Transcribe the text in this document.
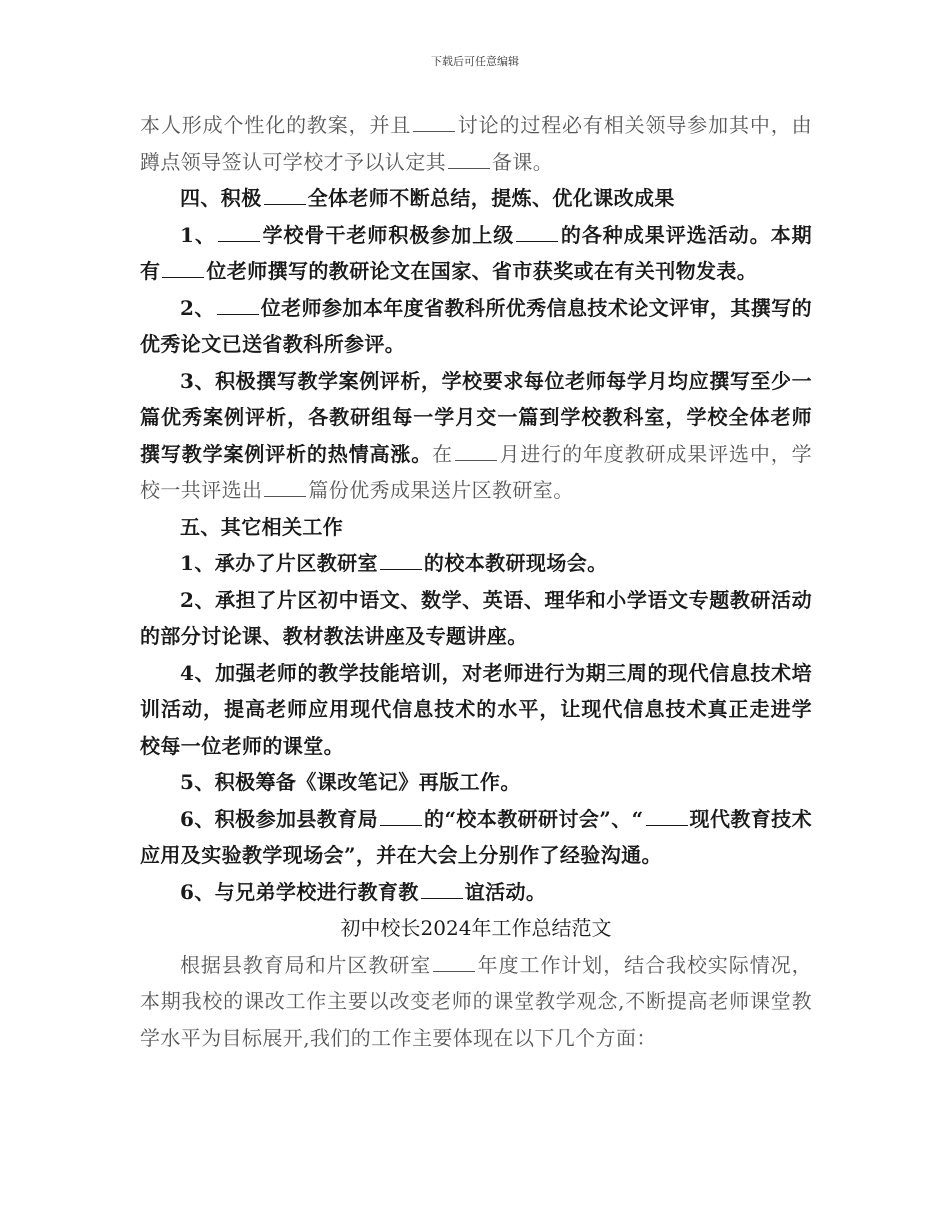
下载后可任意编辑

本人形成个性化的教案，并且 讨论的过程必有相关领导参加其中，由蹲点领导签认可学校才予以认定其 备课。

四、积极 全体老师不断总结，提炼、优化课改成果

1、 学校骨干老师积极参加上级 的各种成果评选活动。本期有 位老师撰写的教研论文在国家、省市获奖或在有关刊物发表。

2、 位老师参加本年度省教科所优秀信息技术论文评审，其撰写的优秀论文已送省教科所参评。

3、积极撰写教学案例评析，学校要求每位老师每学月均应撰写至少一篇优秀案例评析，各教研组每一学月交一篇到学校教科室，学校全体老师撰写教学案例评析的热情高涨。在 月进行的年度教研成果评选中，学校一共评选出 篇份优秀成果送片区教研室。

五、其它相关工作

1、承办了片区教研室 的校本教研现场会。

2、承担了片区初中语文、数学、英语、理华和小学语文专题教研活动的部分讨论课、教材教法讲座及专题讲座。

4、加强老师的教学技能培训，对老师进行为期三周的现代信息技术培训活动，提高老师应用现代信息技术的水平，让现代信息技术真正走进学校每一位老师的课堂。

5、积极筹备《课改笔记》再版工作。

6、积极参加县教育局 的“校本教研研讨会”、“ 现代教育技术应用及实验教学现场会”，并在大会上分别作了经验沟通。

6、与兄弟学校进行教育教 谊活动。

初中校长2024年工作总结范文

根据县教育局和片区教研室 年度工作计划，结合我校实际情况，本期我校的课改工作主要以改变老师的课堂教学观念,不断提高老师课堂教学水平为目标展开,我们的工作主要体现在以下几个方面：
